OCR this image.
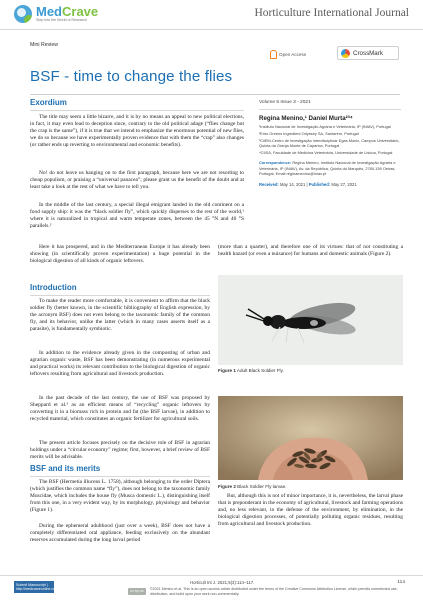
MedCrave
Step into the World of Research
Horticulture International Journal
Mini Review
Open Access	CrossMark
BSF - time to change the flies
Exordium

The title may seem a little bizarre, and it is by no means an appeal to new political elections, in fact, it may even lead to deception since, contrary to the old political adage (“flies change but the crap is the same”), if it is true that we intend to emphasize the enormous potential of new flies, we do so because we have experimentally proven evidence that with them the “crap” also changes (or rather ends up reverting to environmental and economic benefits).

No! do not leave us hanging on to the first paragraph, because here we are not resorting to cheap populism, or praising a “universal panacea”; please grant us the benefit of the doubt and at least take a look at the rest of what we have to tell you.

In the middle of the last century, a special illegal emigrant landed in the old continent on a food supply ship: it was the “black soldier fly”, which quickly disperses to the rest of the world,¹ where it is naturalized in tropical and warm temperate zones, between the 45 °N and 40 °S parallels.²

Volume 5 Issue 3 - 2021
Regina Menino,¹ Daniel Murta²³⁴
¹Instituto Nacional de Investigação Agrária e Veterinária, IP (INIAV), Portugal
²Ento Greens Ingredient Odyssey SA, Santarém, Portugal
³CiiEM-Centro de investigação interdisciplinar Egas Moniz, Campus Universitário, Quinta da Granja Monte de Caparica, Portugal
⁴CIISA, Faculdade de Medicina Veterinária, Universidade de Lisboa, Portugal
Correspondence: Regina Menino, Instituto Nacional de Investigação Agrária e Veterinária, IP (INIAV), Av. da República, Quinta do Marquês, 2780-159 Oeiras, Portugal, Email reginamenino@iniav.pt
Received: May 14, 2021 | Published: May 27, 2021

Here it has prospered, and in the Mediterranean Europe it has already been showing (in scientifically proven experimentation) a huge potential in the biological digestion of all kinds of organic leftovers.

(more than a quarter), and therefore one of its virtues: that of not constituting a health hazard (or even a nuisance) for humans and domestic animals (Figure 2).

Introduction

To make the reader more comfortable, it is convenient to affirm that the black soldier fly (better known, in the scientific bibliography of English expression, by the acronym BSF) does not even belong to the taxonomic family of the common fly, and its behavior, unlike the latter (which in many cases asserts itself as a parasite), is fundamentally symbiotic.

In addition to the evidence already given in the composting of urban and agrarian organic waste, BSF has been demonstrating (in numerous experimental and practical works) its relevant contribution to the biological digestion of organic leftovers resulting from agricultural and livestock production.

In the past decade of the last century, the use of BSF was proposed by Sheppard et al.³ as an efficient means of “recycling” organic leftovers by converting it in a biomass rich in protein and fat (the BSF larvae), in addition to recycled material, which constitutes an organic fertilizer for agricultural soils.

The present article focuses precisely on the decisive role of BSF in agrarian holdings under a “circular economy” regime; first, however, a brief review of BSF merits will be advisable.

BSF and its merits

The BSF (Hermetia illucens L. 1758), although belonging to the order Diptera (which justifies the common name “fly”), does not belong to the taxonomic family Muscidae, which includes the house fly (Musca domestic L.), distinguishing itself from this one, in a very evident way, by its morphology, physiology and behavior (Figure 1).

During the ephemeral adulthood (just over a week), BSF does not have a completely differentiated oral appliance, feeding exclusively on the abundant reserves accumulated during the long larval period

Figure 1 Adult Black Soldier Fly.
Figure 2 Black Soldier Fly larvae.

But, although this is not of minor importance, it is, nevertheless, the larval phase that is preponderant in the economy of agricultural, livestock and farming operations and, no less relevant, in the defense of the environment, by elimination, in the biological digestion processes, of potentially polluting organic residues, resulting from agricultural and livestock production.

Submit Manuscript | http://medcraveonline.com
Horticult Int J. 2021;5(3):114–117.	114
cc by-nc	©2021 Menino et al. This is an open access article distributed under the terms of the Creative Commons Attribution License, which permits unrestricted use, distribution, and build upon your work non-commercially.
